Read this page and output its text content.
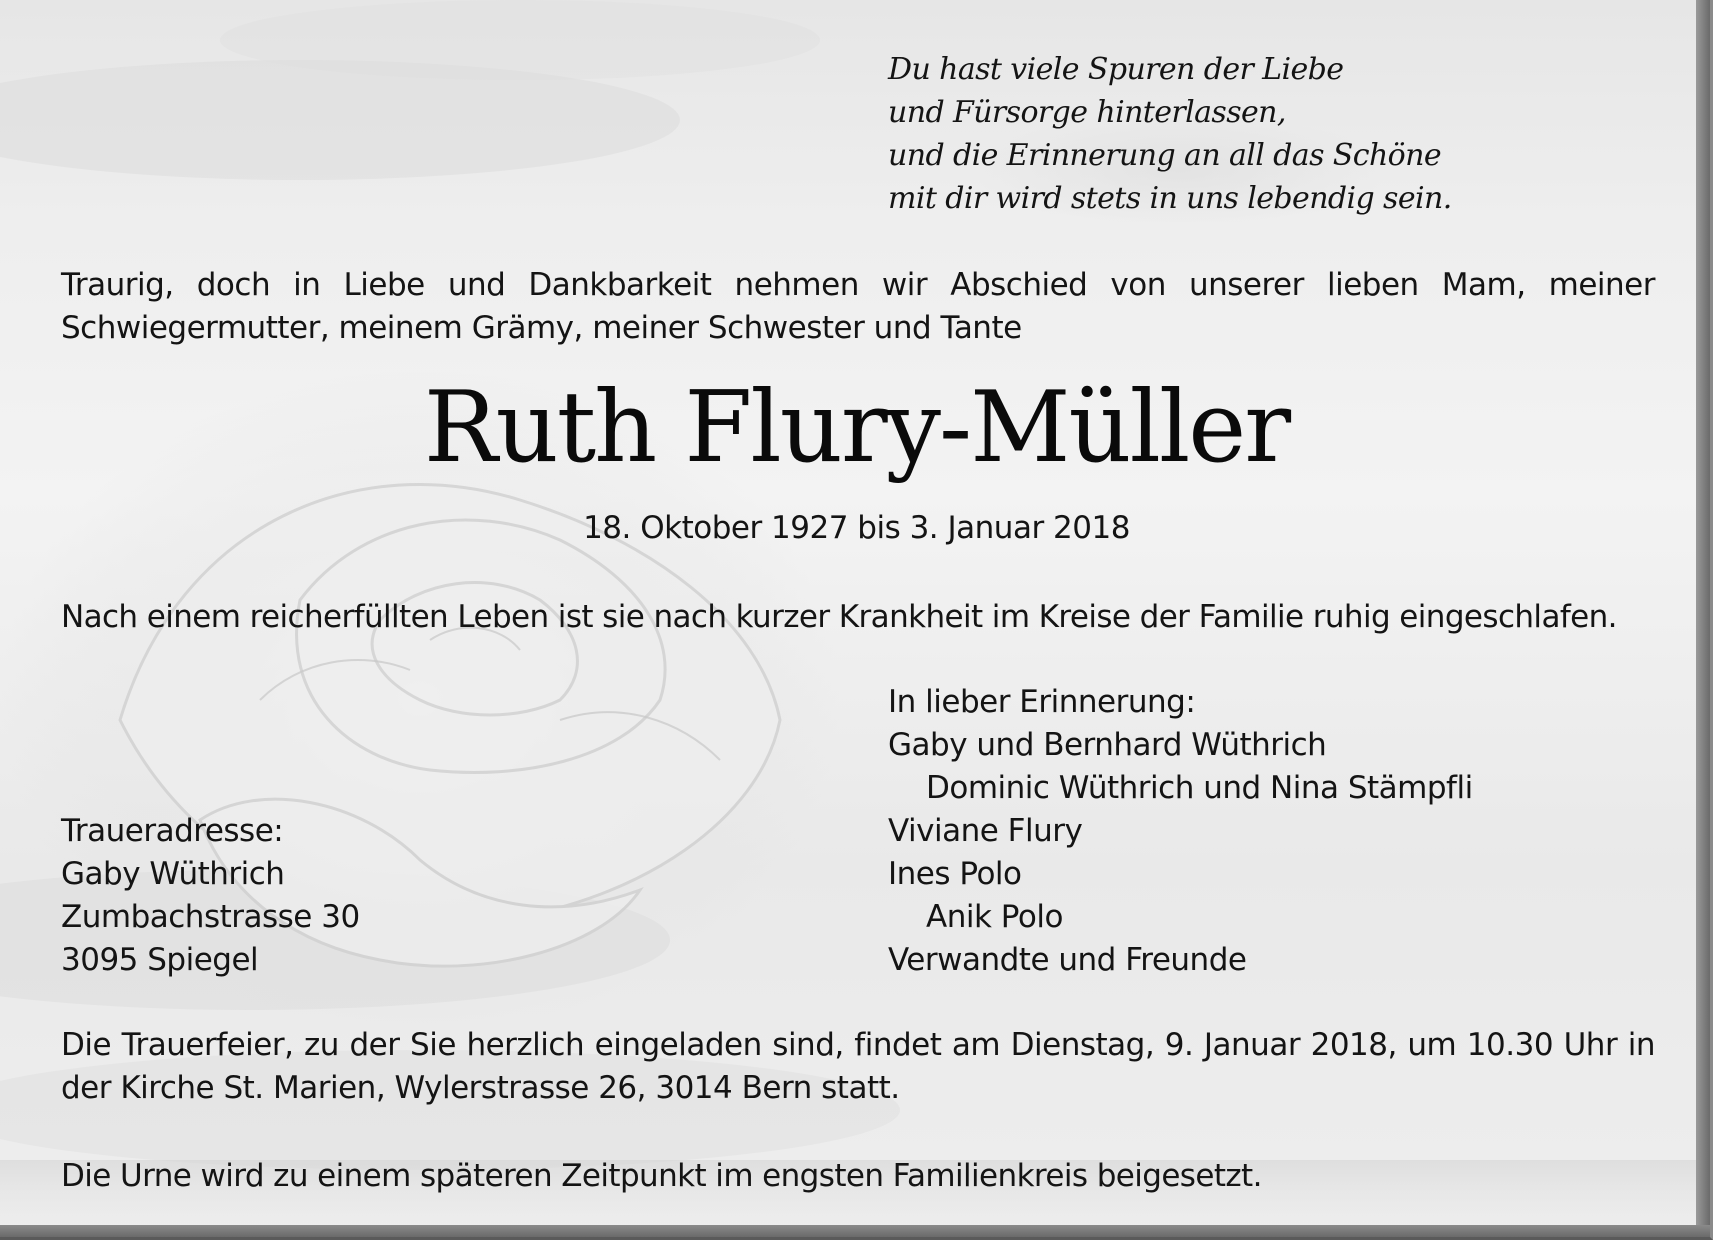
Du hast viele Spuren der Liebe
und Fürsorge hinterlassen,
und die Erinnerung an all das Schöne
mit dir wird stets in uns lebendig sein.
Traurig, doch in Liebe und Dankbarkeit nehmen wir Abschied von unserer lieben Mam, meiner Schwiegermutter, meinem Grämy, meiner Schwester und Tante
Ruth Flury-Müller
18. Oktober 1927 bis 3. Januar 2018
Nach einem reicherfüllten Leben ist sie nach kurzer Krankheit im Kreise der Familie ruhig eingeschlafen.
In lieber Erinnerung:
Gaby und Bernhard Wüthrich
Dominic Wüthrich und Nina Stämpfli
Viviane Flury
Ines Polo
Anik Polo
Verwandte und Freunde
Traueradresse:
Gaby Wüthrich
Zumbachstrasse 30
3095 Spiegel
Die Trauerfeier, zu der Sie herzlich eingeladen sind, findet am Dienstag, 9. Januar 2018, um 10.30 Uhr in der Kirche St. Marien, Wylerstrasse 26, 3014 Bern statt.
Die Urne wird zu einem späteren Zeitpunkt im engsten Familienkreis beigesetzt.
